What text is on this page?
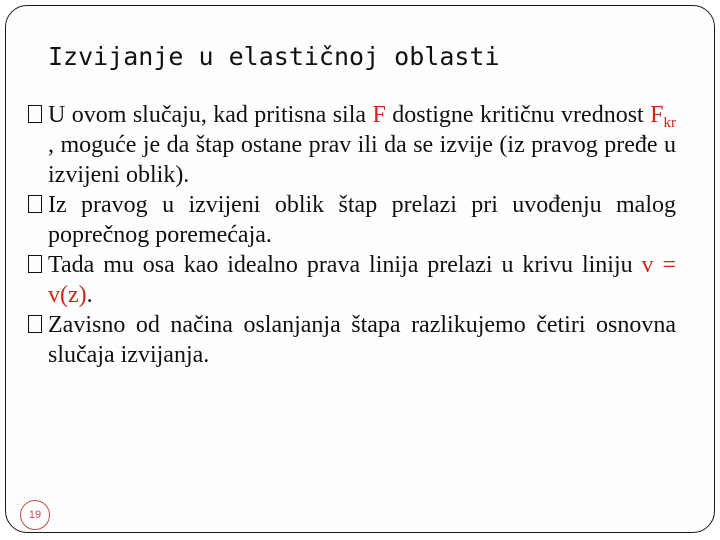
Izvijanje u elastičnoj oblasti

U ovom slučaju, kad pritisna sila F dostigne kritičnu vrednost $F_{kr}$ , moguće je da štap ostane prav ili da se izvije (iz pravog pređe u izvijeni oblik).

Iz pravog u izvijeni oblik štap prelazi pri uvođenju malog poprečnog poremećaja.

Tada mu osa kao idealno prava linija prelazi u krivu liniju v = v(z).

Zavisno od načina oslanjanja štapa razlikujemo četiri osnovna slučaja izvijanja.

19
